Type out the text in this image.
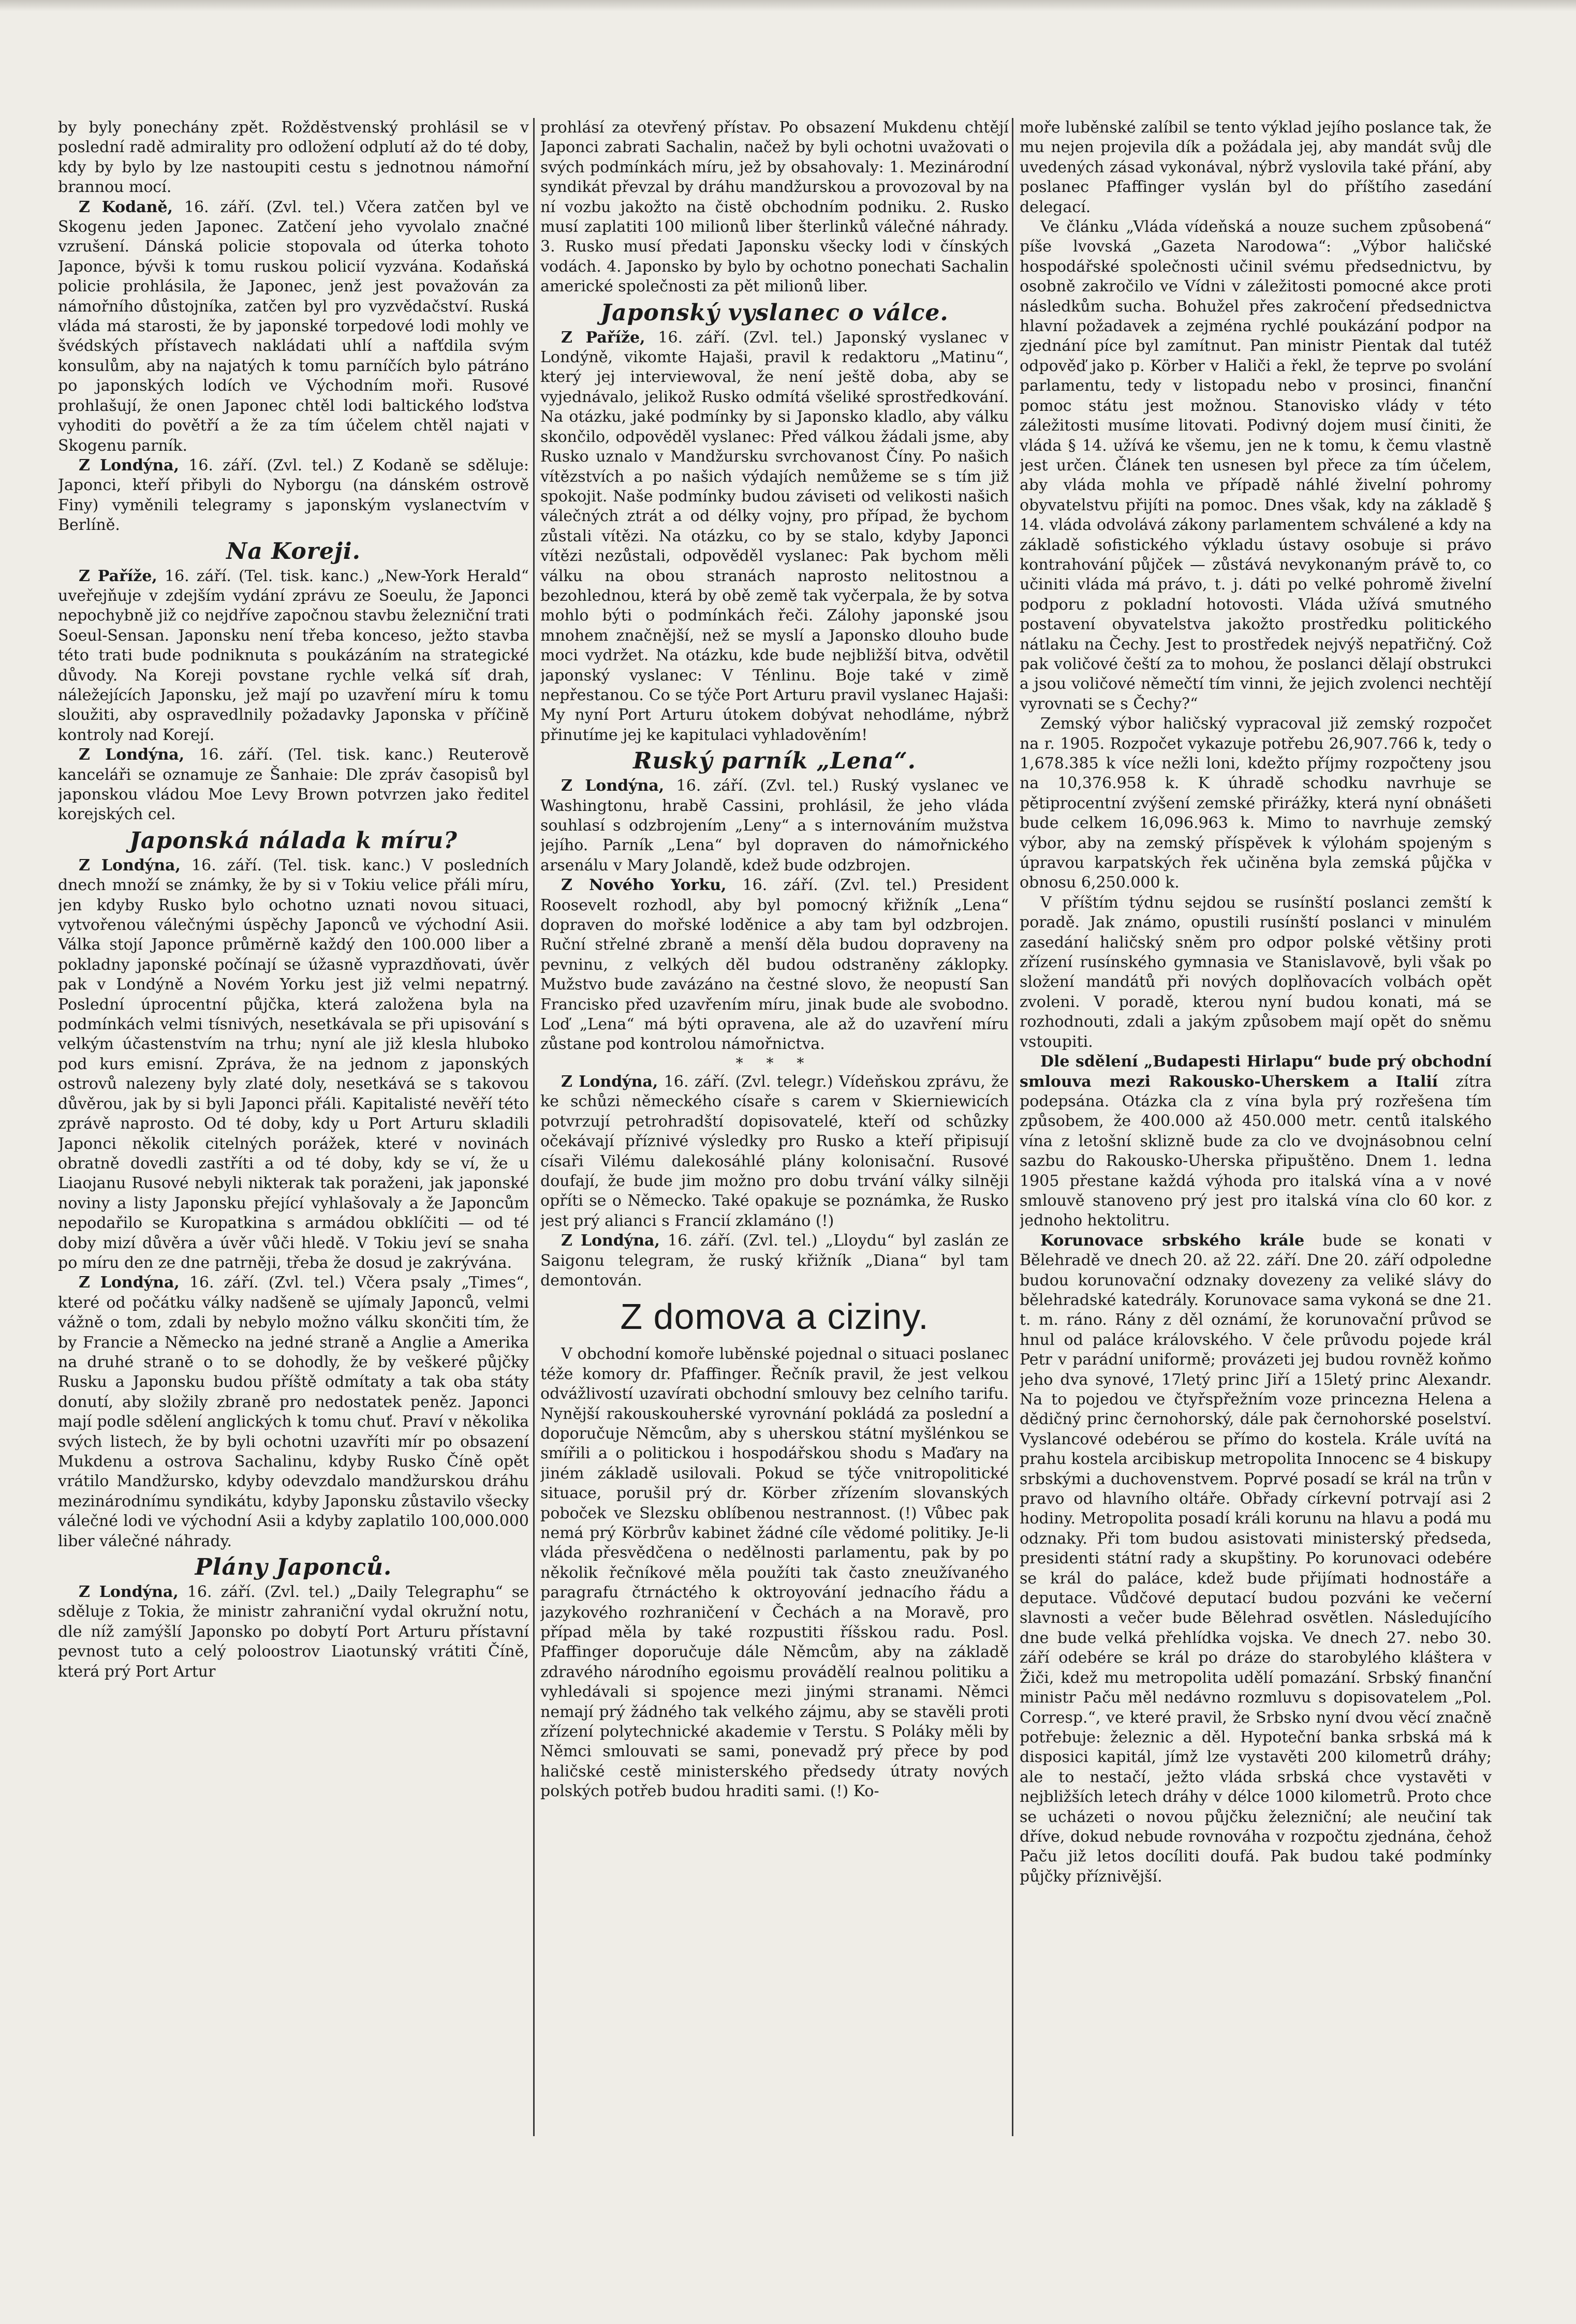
by byly ponechány zpět. Rožděstvenský prohlásil se v poslední radě admirality pro odložení odplutí až do té doby, kdy by bylo by lze nastoupiti cestu s jednotnou námořní brannou mocí.

Z Kodaně, 16. září. (Zvl. tel.) Včera zatčen byl ve Skogenu jeden Japonec. Zatčení jeho vyvolalo značné vzrušení. Dánská policie stopovala od úterka tohoto Japonce, bývši k tomu ruskou policií vyzvána. Kodaňská policie prohlásila, že Japonec, jenž jest považován za námořního důstojníka, zatčen byl pro vyzvědačství. Ruská vláda má starosti, že by japonské torpedové lodi mohly ve švédských přístavech nakládati uhlí a nafťdila svým konsulům, aby na najatých k tomu parníčích bylo pátráno po japonských lodích ve Východním moři. Rusové prohlašují, že onen Japonec chtěl lodi baltického loďstva vyhoditi do povětří a že za tím účelem chtěl najati v Skogenu parník.

Z Londýna, 16. září. (Zvl. tel.) Z Kodaně se sděluje: Japonci, kteří přibyli do Nyborgu (na dánském ostrově Finy) vyměnili telegramy s japonským vyslanectvím v Berlíně.

Na Koreji.

Z Paříže, 16. září. (Tel. tisk. kanc.) „New-York Herald“ uveřejňuje v zdejším vydání zprávu ze Soeulu, že Japonci nepochybně již co nejdříve započnou stavbu železniční trati Soeul-Sensan. Japonsku není třeba konceso, ježto stavba této trati bude podniknuta s poukázáním na strategické důvody. Na Koreji povstane rychle velká síť drah, náležejících Japonsku, jež mají po uzavření míru k tomu sloužiti, aby ospravedlnily požadavky Japonska v příčině kontroly nad Korejí.

Z Londýna, 16. září. (Tel. tisk. kanc.) Reuterově kanceláři se oznamuje ze Šanhaie: Dle zpráv časopisů byl japonskou vládou Moe Levy Brown potvrzen jako ředitel korejských cel.

Japonská nálada k míru?

Z Londýna, 16. září. (Tel. tisk. kanc.) V posledních dnech množí se známky, že by si v Tokiu velice přáli míru, jen kdyby Rusko bylo ochotno uznati novou situaci, vytvořenou válečnými úspěchy Japonců ve východní Asii. Válka stojí Japonce průměrně každý den 100.000 liber a pokladny japonské počínají se úžasně vyprazdňovati, úvěr pak v Londýně a Novém Yorku jest již velmi nepatrný. Poslední úprocentní půjčka, která založena byla na podmínkách velmi tísnivých, nesetkávala se při upisování s velkým účastenstvím na trhu; nyní ale již klesla hluboko pod kurs emisní. Zpráva, že na jednom z japonských ostrovů nalezeny byly zlaté doly, nesetkává se s takovou důvěrou, jak by si byli Japonci přáli. Kapitalisté nevěří této zprávě naprosto. Od té doby, kdy u Port Arturu skladili Japonci několik citelných porážek, které v novinách obratně dovedli zastříti a od té doby, kdy se ví, že u Liaojanu Rusové nebyli nikterak tak poraženi, jak japonské noviny a listy Japonsku přející vyhlašovaly a že Japoncům nepodařilo se Kuropatkina s armádou obklíčiti — od té doby mizí důvěra a úvěr vůči hledě. V Tokiu jeví se snaha po míru den ze dne patrněji, třeba že dosud je zakrývána.

Z Londýna, 16. září. (Zvl. tel.) Včera psaly „Times“, které od počátku války nadšeně se ujímaly Japonců, velmi vážně o tom, zdali by nebylo možno válku skončiti tím, že by Francie a Německo na jedné straně a Anglie a Amerika na druhé straně o to se dohodly, že by veškeré půjčky Rusku a Japonsku budou příště odmítaty a tak oba státy donutí, aby složily zbraně pro nedostatek peněz. Japonci mají podle sdělení anglických k tomu chuť. Praví v několika svých listech, že by byli ochotni uzavříti mír po obsazení Mukdenu a ostrova Sachalinu, kdyby Rusko Číně opět vrátilo Mandžursko, kdyby odevzdalo mandžurskou dráhu mezinárodnímu syndikátu, kdyby Japonsku zůstavilo všecky válečné lodi ve východní Asii a kdyby zaplatilo 100,000.000 liber válečné náhrady.

Plány Japonců.

Z Londýna, 16. září. (Zvl. tel.) „Daily Telegraphu“ se sděluje z Tokia, že ministr zahraniční vydal okružní notu, dle níž zamýšlí Japonsko po dobytí Port Arturu přístavní pevnost tuto a celý poloostrov Liaotunský vrátiti Číně, která prý Port Artur

prohlásí za otevřený přístav. Po obsazení Mukdenu chtějí Japonci zabrati Sachalin, načež by byli ochotni uvažovati o svých podmínkách míru, jež by obsahovaly: 1. Mezinárodní syndikát převzal by dráhu mandžurskou a provozoval by na ní vozbu jakožto na čistě obchodním podniku. 2. Rusko musí zaplatiti 100 milionů liber šterlinků válečné náhrady. 3. Rusko musí předati Japonsku všecky lodi v čínských vodách. 4. Japonsko by bylo by ochotno ponechati Sachalin americké společnosti za pět milionů liber.

Japonský vyslanec o válce.

Z Paříže, 16. září. (Zvl. tel.) Japonský vyslanec v Londýně, vikomte Hajaši, pravil k redaktoru „Matinu“, který jej interviewoval, že není ještě doba, aby se vyjednávalo, jelikož Rusko odmítá všeliké sprostředkování. Na otázku, jaké podmínky by si Japonsko kladlo, aby válku skončilo, odpověděl vyslanec: Před válkou žádali jsme, aby Rusko uznalo v Mandžursku svrchovanost Číny. Po našich vítězstvích a po našich výdajích nemůžeme se s tím již spokojit. Naše podmínky budou záviseti od velikosti našich válečných ztrát a od délky vojny, pro případ, že bychom zůstali vítězi. Na otázku, co by se stalo, kdyby Japonci vítězi nezůstali, odpověděl vyslanec: Pak bychom měli válku na obou stranách naprosto nelitostnou a bezohlednou, která by obě země tak vyčerpala, že by sotva mohlo býti o podmínkách řeči. Zálohy japonské jsou mnohem značnější, než se myslí a Japonsko dlouho bude moci vydržet. Na otázku, kde bude nejbližší bitva, odvětil japonský vyslanec: V Ténlinu. Boje také v zimě nepřestanou. Co se týče Port Arturu pravil vyslanec Hajaši: My nyní Port Arturu útokem dobývat nehodláme, nýbrž přinutíme jej ke kapitulaci vyhladověním!

Ruský parník „Lena“.

Z Londýna, 16. září. (Zvl. tel.) Ruský vyslanec ve Washingtonu, hrabě Cassini, prohlásil, že jeho vláda souhlasí s odzbrojením „Leny“ a s internováním mužstva jejího. Parník „Lena“ byl dopraven do námořnického arsenálu v Mary Jolandě, kdež bude odzbrojen.

Z Nového Yorku, 16. září. (Zvl. tel.) President Roosevelt rozhodl, aby byl pomocný křižník „Lena“ dopraven do mořské loděnice a aby tam byl odzbrojen. Ruční střelné zbraně a menší děla budou dopraveny na pevninu, z velkých děl budou odstraněny záklopky. Mužstvo bude zavázáno na čestné slovo, že neopustí San Francisko před uzavřením míru, jinak bude ale svobodno. Loď „Lena“ má býti opravena, ale až do uzavření míru zůstane pod kontrolou námořnictva.

* * *

Z Londýna, 16. září. (Zvl. telegr.) Vídeňskou zprávu, že ke schůzi německého císaře s carem v Skierniewicích potvrzují petrohradští dopisovatelé, kteří od schůzky očekávají příznivé výsledky pro Rusko a kteří připisují císaři Vilému dalekosáhlé plány kolonisační. Rusové doufají, že bude jim možno pro dobu trvání války silněji opříti se o Německo. Také opakuje se poznámka, že Rusko jest prý alianci s Francií zklamáno (!)

Z Londýna, 16. září. (Zvl. tel.) „Lloydu“ byl zaslán ze Saigonu telegram, že ruský křižník „Diana“ byl tam demontován.

Z domova a ciziny.

V obchodní komoře luběnské pojednal o situaci poslanec téže komory dr. Pfaffinger. Řečník pravil, že jest velkou odvážlivostí uzavírati obchodní smlouvy bez celního tarifu. Nynější rakouskouherské vyrovnání pokládá za poslední a doporučuje Němcům, aby s uherskou státní myšlénkou se smířili a o politickou i hospodářskou shodu s Maďary na jiném základě usilovali. Pokud se týče vnitropolitické situace, porušil prý dr. Körber zřízením slovanských poboček ve Slezsku oblíbenou nestrannost. (!) Vůbec pak nemá prý Körbrův kabinet žádné cíle vědomé politiky. Je-li vláda přesvědčena o nedělnosti parlamentu, pak by po několik řečníkové měla použíti tak často zneužívaného paragrafu čtrnáctého k oktroyování jednacího řádu a jazykového rozhraničení v Čechách a na Moravě, pro případ měla by také rozpustiti říšskou radu. Posl. Pfaffinger doporučuje dále Němcům, aby na základě zdravého národního egoismu provádělí realnou politiku a vyhledávali si spojence mezi jinými stranami. Němci nemají prý žádného tak velkého zájmu, aby se stavěli proti zřízení polytechnické akademie v Terstu. S Poláky měli by Němci smlouvati se sami, ponevadž prý přece by pod haličské cestě ministerského předsedy útraty nových polských potřeb budou hraditi sami. (!) Ko-

moře luběnské zalíbil se tento výklad jejího poslance tak, že mu nejen projevila dík a požádala jej, aby mandát svůj dle uvedených zásad vykonával, nýbrž vyslovila také přání, aby poslanec Pfaffinger vyslán byl do příštího zasedání delegací.

Ve článku „Vláda vídeňská a nouze suchem způsobená“ píše lvovská „Gazeta Narodowa“: „Výbor haličské hospodářské společnosti učinil svému předsednictvu, by osobně zakročilo ve Vídni v záležitosti pomocné akce proti následkům sucha. Bohužel přes zakročení předsednictva hlavní požadavek a zejména rychlé poukázání podpor na zjednání píce byl zamítnut. Pan ministr Pientak dal tutéž odpověď jako p. Körber v Haliči a řekl, že teprve po svolání parlamentu, tedy v listopadu nebo v prosinci, finanční pomoc státu jest možnou. Stanovisko vlády v této záležitosti musíme litovati. Podivný dojem musí činiti, že vláda § 14. užívá ke všemu, jen ne k tomu, k čemu vlastně jest určen. Článek ten usnesen byl přece za tím účelem, aby vláda mohla ve případě náhlé živelní pohromy obyvatelstvu přijíti na pomoc. Dnes však, kdy na základě § 14. vláda odvolává zákony parlamentem schválené a kdy na základě sofistického výkladu ústavy osobuje si právo kontrahování půjček — zůstává nevykonaným právě to, co učiniti vláda má právo, t. j. dáti po velké pohromě živelní podporu z pokladní hotovosti. Vláda užívá smutného postavení obyvatelstva jakožto prostředku politického nátlaku na Čechy. Jest to prostředek nejvýš nepatřičný. Což pak voličové čeští za to mohou, že poslanci dělají obstrukci a jsou voličové němečtí tím vinni, že jejich zvolenci nechtějí vyrovnati se s Čechy?“

Zemský výbor haličský vypracoval již zemský rozpočet na r. 1905. Rozpočet vykazuje potřebu 26,907.766 k, tedy o 1,678.385 k více nežli loni, kdežto příjmy rozpočteny jsou na 10,376.958 k. K úhradě schodku navrhuje se pětiprocentní zvýšení zemské přirážky, která nyní obnášeti bude celkem 16,096.963 k. Mimo to navrhuje zemský výbor, aby na zemský příspěvek k výlohám spojeným s úpravou karpatských řek učiněna byla zemská půjčka v obnosu 6,250.000 k.

V příštím týdnu sejdou se rusínští poslanci zemští k poradě. Jak známo, opustili rusínští poslanci v minulém zasedání haličský sněm pro odpor polské většiny proti zřízení rusínského gymnasia ve Stanislavově, byli však po složení mandátů při nových doplňovacích volbách opět zvoleni. V poradě, kterou nyní budou konati, má se rozhodnouti, zdali a jakým způsobem mají opět do sněmu vstoupiti.

Dle sdělení „Budapesti Hirlapu“ bude prý obchodní smlouva mezi Rakousko-Uherskem a Italií zítra podepsána. Otázka cla z vína byla prý rozřešena tím způsobem, že 400.000 až 450.000 metr. centů italského vína z letošní sklizně bude za clo ve dvojnásobnou celní sazbu do Rakousko-Uherska připuštěno. Dnem 1. ledna 1905 přestane každá výhoda pro italská vína a v nové smlouvě stanoveno prý jest pro italská vína clo 60 kor. z jednoho hektolitru.

Korunovace srbského krále bude se konati v Bělehradě ve dnech 20. až 22. září. Dne 20. září odpoledne budou korunovační odznaky dovezeny za veliké slávy do bělehradské katedrály. Korunovace sama vykoná se dne 21. t. m. ráno. Rány z děl oznámí, že korunovační průvod se hnul od paláce královského. V čele průvodu pojede král Petr v parádní uniformě; provázeti jej budou rovněž koňmo jeho dva synové, 17letý princ Jiří a 15letý princ Alexandr. Na to pojedou ve čtyřspřežním voze princezna Helena a dědičný princ černohorský, dále pak černohorské poselství. Vyslancové odebérou se přímo do kostela. Krále uvítá na prahu kostela arcibiskup metropolita Innocenc se 4 biskupy srbskými a duchovenstvem. Poprvé posadí se král na trůn v pravo od hlavního oltáře. Obřady církevní potrvají asi 2 hodiny. Metropolita posadí králi korunu na hlavu a podá mu odznaky. Při tom budou asistovati ministerský předseda, presidenti státní rady a skupštiny. Po korunovaci odebére se král do paláce, kdež bude přijímati hodnostáře a deputace. Vůdčové deputací budou pozváni ke večerní slavnosti a večer bude Bělehrad osvětlen. Následujícího dne bude velká přehlídka vojska. Ve dnech 27. nebo 30. září odebére se král po dráze do starobylého kláštera v Žiči, kdež mu metropolita udělí pomazání. Srbský finanční ministr Paču měl nedávno rozmluvu s dopisovatelem „Pol. Corresp.“, ve které pravil, že Srbsko nyní dvou věcí značně potřebuje: železnic a děl. Hypoteční banka srbská má k disposici kapitál, jímž lze vystavěti 200 kilometrů dráhy; ale to nestačí, ježto vláda srbská chce vystavěti v nejbližších letech dráhy v délce 1000 kilometrů. Proto chce se ucházeti o novou půjčku železniční; ale neučiní tak dříve, dokud nebude rovnováha v rozpočtu zjednána, čehož Paču již letos docíliti doufá. Pak budou také podmínky půjčky příznivější.
